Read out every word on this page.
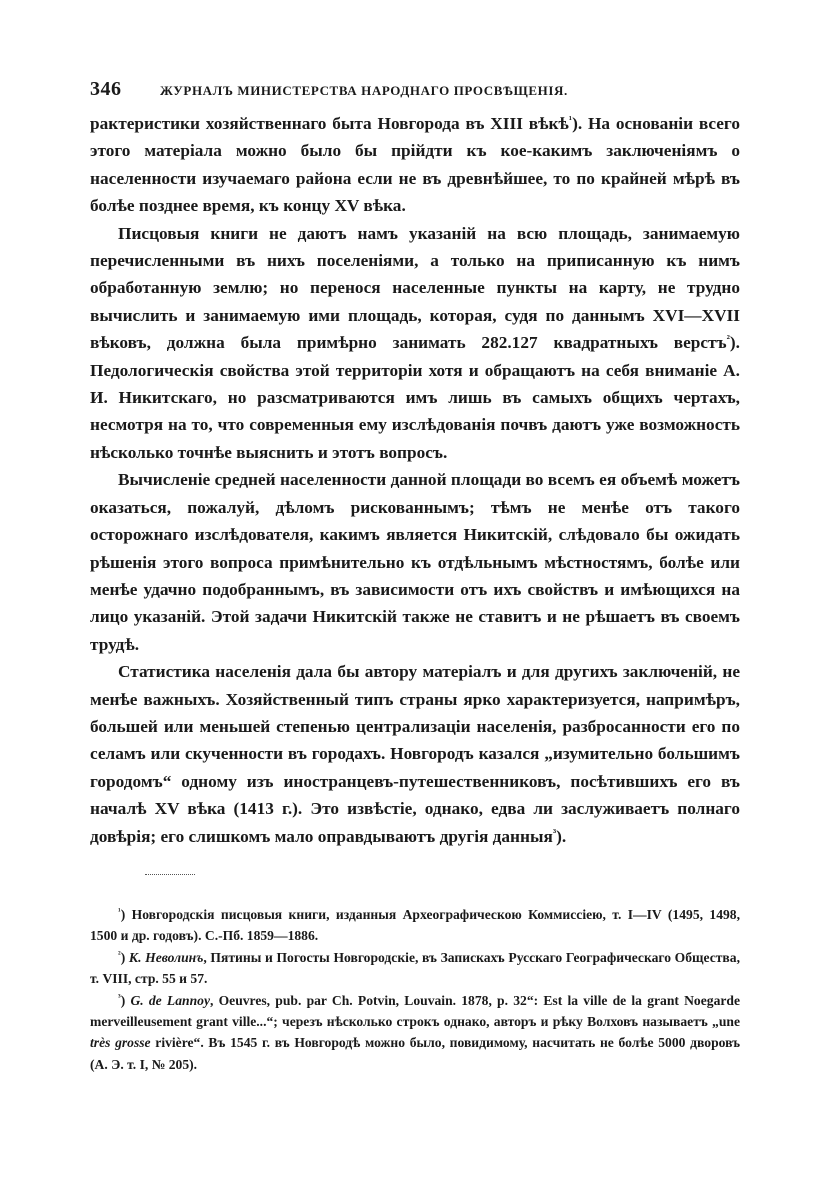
346	ЖУРНАЛЪ МИНИСТЕРСТВА НАРОДНАГО ПРОСВѢЩЕНІЯ.

рактеристики хозяйственнаго быта Новгорода въ XIII вѣкѣ$^{^1}$). На основаніи всего этого матеріала можно было бы прійдти къ кое-какимъ заключеніямъ о населенности изучаемаго района если не въ древнѣйшее, то по крайней мѣрѣ въ болѣе позднее время, къ концу XV вѣка.

Писцовыя книги не даютъ намъ указаній на всю площадь, занимаемую перечисленными въ нихъ поселеніями, а только на приписанную къ нимъ обработанную землю; но перенося населенные пункты на карту, не трудно вычислить и занимаемую ими площадь, которая, судя по даннымъ XVI—XVII вѣковъ, должна была примѣрно занимать 282.127 квадратныхъ верстъ$^{^2}$). Педологическія свойства этой территоріи хотя и обращаютъ на себя вниманіе А. И. Никитскаго, но разсматриваются имъ лишь въ самыхъ общихъ чертахъ, несмотря на то, что современныя ему изслѣдованія почвъ даютъ уже возможность нѣсколько точнѣе выяснить и этотъ вопросъ.

Вычисленіе средней населенности данной площади во всемъ ея объемѣ можетъ оказаться, пожалуй, дѣломъ рискованнымъ; тѣмъ не менѣе отъ такого осторожнаго изслѣдователя, какимъ является Никитскій, слѣдовало бы ожидать рѣшенія этого вопроса примѣнительно къ отдѣльнымъ мѣстностямъ, болѣе или менѣе удачно подобраннымъ, въ зависимости отъ ихъ свойствъ и имѣющихся на лицо указаній. Этой задачи Никитскій также не ставитъ и не рѣшаетъ въ своемъ трудѣ.

Статистика населенія дала бы автору матеріалъ и для другихъ заключеній, не менѣе важныхъ. Хозяйственный типъ страны ярко характеризуется, напримѣръ, большей или меньшей степенью централизаціи населенія, разбросанности его по селамъ или скученности въ городахъ. Новгородъ казался „изумительно большимъ городомъ“ одному изъ иностранцевъ-путешественниковъ, посѣтившихъ его въ началѣ XV вѣка (1413 г.). Это извѣстіе, однако, едва ли заслуживаетъ полнаго довѣрія; его слишкомъ мало оправдываютъ другія данныя$^{^3}$).

$^{^1}$) Новгородскія писцовыя книги, изданныя Археографическою Коммиссіею, т. I—IV (1495, 1498, 1500 и др. годовъ). С.-Пб. 1859—1886.

$^{^2}$) К. Неволинъ, Пятины и Погосты Новгородскіе, въ Запискахъ Русскаго Географическаго Общества, т. VIII, стр. 55 и 57.

$^{^3}$) G. de Lannoy, Oeuvres, pub. par Ch. Potvin, Louvain. 1878, p. 32“: Est la ville de la grant Noegarde merveilleusement grant ville...“; черезъ нѣсколько строкъ однако, авторъ и рѣку Волховъ называетъ „une très grosse rivière“. Въ 1545 г. въ Новгородѣ можно было, повидимому, насчитать не болѣе 5000 дворовъ (А. Э. т. I, № 205).
